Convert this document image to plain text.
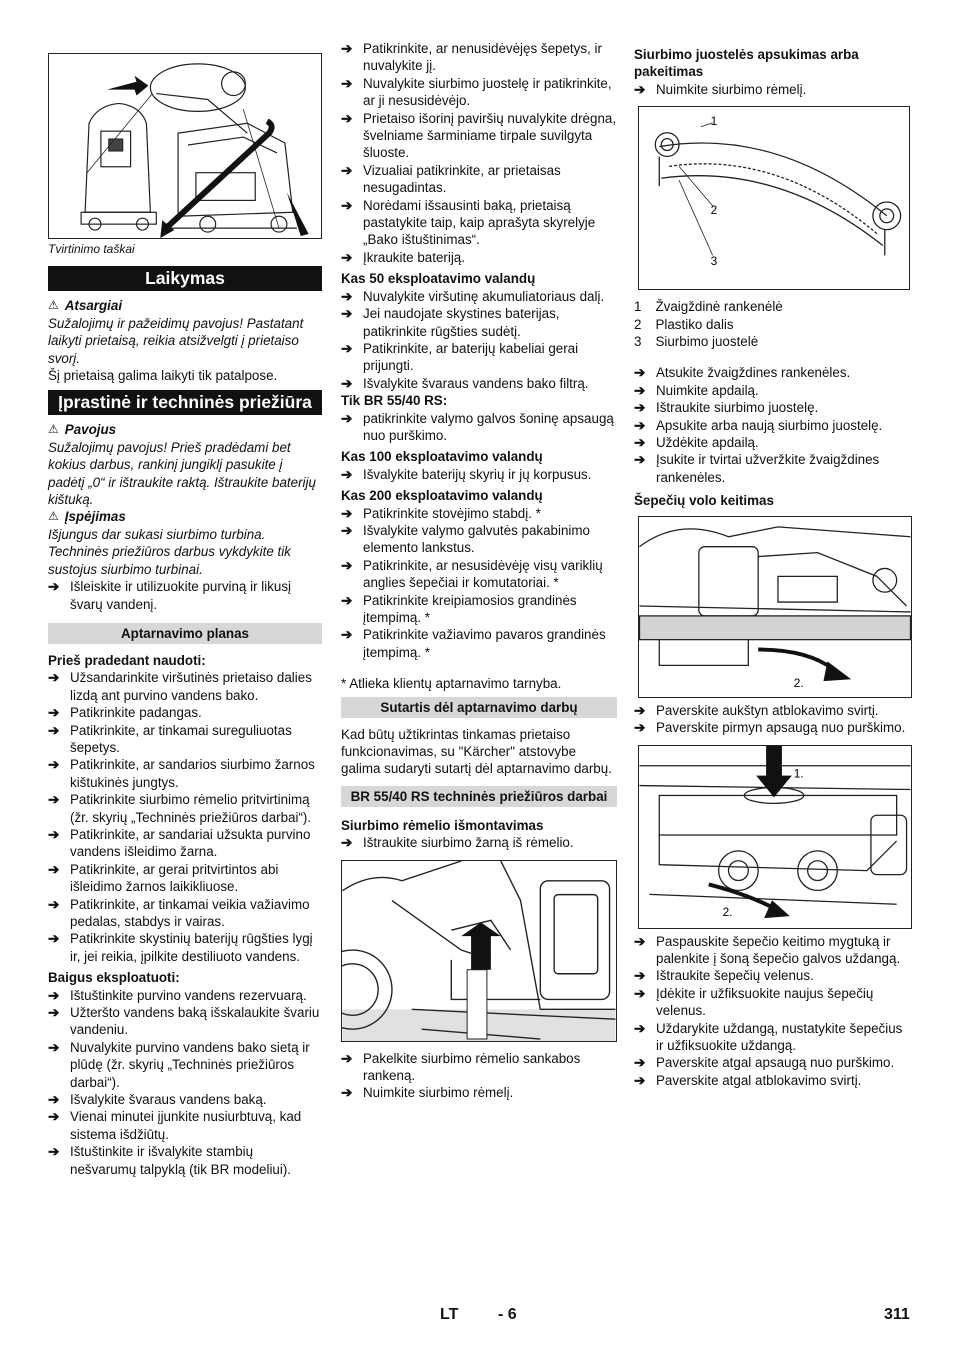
Tvirtinimo taškai
Laikymas
⚠ Atsargiai

Sužalojimų ir pažeidimų pavojus! Pastatant laikyti prietaisą, reikia atsižvelgti į prietaiso svorį.

Šį prietaisą galima laikyti tik patalpose.

Įprastinė ir techninės priežiūra
⚠ Pavojus

Sužalojimų pavojus! Prieš pradėdami bet kokius darbus, rankinį jungiklį pasukite į padėtį „0“ ir ištraukite raktą. Ištraukite baterijų kištuką.

⚠ Įspėjimas

Išjungus dar sukasi siurbimo turbina. Techninės priežiūros darbus vykdykite tik sustojus siurbimo turbinai.

➔ Išleiskite ir utilizuokite purviną ir likusį švarų vandenį.
Aptarnavimo planas
Prieš pradedant naudoti:
➔ Užsandarinkite viršutinės prietaiso dalies lizdą ant purvino vandens bako.
➔ Patikrinkite padangas.
➔ Patikrinkite, ar tinkamai sureguliuotas šepetys.
➔ Patikrinkite, ar sandarios siurbimo žarnos kištukinės jungtys.
➔ Patikrinkite siurbimo rėmelio pritvirtinimą (žr. skyrių „Techninės priežiūros darbai“).
➔ Patikrinkite, ar sandariai užsukta purvino vandens išleidimo žarna.
➔ Patikrinkite, ar gerai pritvirtintos abi išleidimo žarnos laikikliuose.
➔ Patikrinkite, ar tinkamai veikia važiavimo pedalas, stabdys ir vairas.
➔ Patikrinkite skystinių baterijų rūgšties lygį ir, jei reikia, įpilkite destiliuoto vandens.
Baigus eksploatuoti:
➔ Ištuštinkite purvino vandens rezervuarą.
➔ Užteršto vandens baką išskalaukite švariu vandeniu.
➔ Nuvalykite purvino vandens bako sietą ir plūdę (žr. skyrių „Techninės priežiūros darbai“).
➔ Išvalykite švaraus vandens baką.
➔ Vienai minutei įjunkite nusiurbtuvą, kad sistema išdžiūtų.
➔ Ištuštinkite ir išvalykite stambių nešvarumų talpyklą (tik BR modeliui).
➔ Patikrinkite, ar nenusidėvėjęs šepetys, ir nuvalykite jį.
➔ Nuvalykite siurbimo juostelę ir patikrinkite, ar ji nesusidėvėjo.
➔ Prietaiso išorinį paviršių nuvalykite drėgna, švelniame šarminiame tirpale suvilgyta šluoste.
➔ Vizualiai patikrinkite, ar prietaisas nesugadintas.
➔ Norėdami išsausinti baką, prietaisą pastatykite taip, kaip aprašyta skyrelyje „Bako ištuštinimas“.
➔ Įkraukite bateriją.
Kas 50 eksploatavimo valandų
➔ Nuvalykite viršutinę akumuliatoriaus dalį.
➔ Jei naudojate skystines baterijas, patikrinkite rūgšties sudėtį.
➔ Patikrinkite, ar baterijų kabeliai gerai prijungti.
➔ Išvalykite švaraus vandens bako filtrą.
Tik BR 55/40 RS:
➔ patikrinkite valymo galvos šoninę apsaugą nuo purškimo.
Kas 100 eksploatavimo valandų
➔ Išvalykite baterijų skyrių ir jų korpusus.
Kas 200 eksploatavimo valandų
➔ Patikrinkite stovėjimo stabdį. *
➔ Išvalykite valymo galvutės pakabinimo elemento lankstus.
➔ Patikrinkite, ar nesusidėvėję visų variklių anglies šepečiai ir komutatoriai. *
➔ Patikrinkite kreipiamosios grandinės įtempimą. *
➔ Patikrinkite važiavimo pavaros grandinės įtempimą. *

* Atlieka klientų aptarnavimo tarnyba.

Sutartis dėl aptarnavimo darbų

Kad būtų užtikrintas tinkamas prietaiso funkcionavimas, su "Kärcher" atstovybe galima sudaryti sutartį dėl aptarnavimo darbų.

BR 55/40 RS techninės priežiūros darbai
Siurbimo rėmelio išmontavimas
➔ Ištraukite siurbimo žarną iš rėmelio.
➔ Pakelkite siurbimo rėmelio sankabos rankeną.
➔ Nuimkite siurbimo rėmelį.
Siurbimo juostelės apsukimas arba pakeitimas
➔ Nuimkite siurbimo rėmelį.
1
2
3
1 Žvaigždinė rankenėlė
2 Plastiko dalis
3 Siurbimo juostelė
➔ Atsukite žvaigždines rankenėles.
➔ Nuimkite apdailą.
➔ Ištraukite siurbimo juostelę.
➔ Apsukite arba naują siurbimo juostelę.
➔ Uždėkite apdailą.
➔ Įsukite ir tvirtai užveržkite žvaigždines rankenėles.
Šepečių volo keitimas
2.
➔ Paverskite aukštyn atblokavimo svirtį.
➔ Paverskite pirmyn apsaugą nuo purškimo.
1.
2.
➔ Paspauskite šepečio keitimo mygtuką ir palenkite į šoną šepečio galvos uždangą.
➔ Ištraukite šepečių velenus.
➔ Įdėkite ir užfiksuokite naujus šepečių velenus.
➔ Uždarykite uždangą, nustatykite šepečius ir užfiksuokite uždangą.
➔ Paverskite atgal apsaugą nuo purškimo.
➔ Paverskite atgal atblokavimo svirtį.
LT - 6	311
